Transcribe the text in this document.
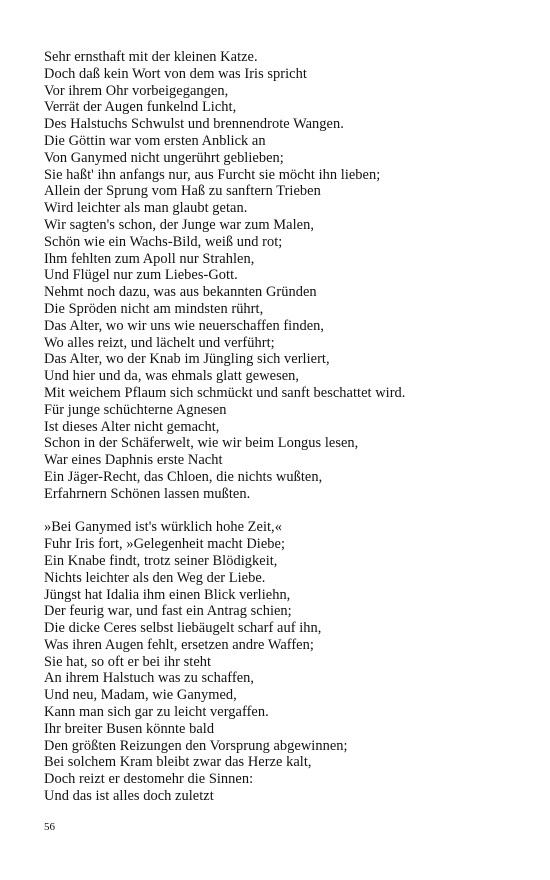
Sehr ernsthaft mit der kleinen Katze.
Doch daß kein Wort von dem was Iris spricht
Vor ihrem Ohr vorbeigegangen,
Verrät der Augen funkelnd Licht,
Des Halstuchs Schwulst und brennendrote Wangen.
Die Göttin war vom ersten Anblick an
Von Ganymed nicht ungerührt geblieben;
Sie haßt' ihn anfangs nur, aus Furcht sie möcht ihn lieben;
Allein der Sprung vom Haß zu sanftern Trieben
Wird leichter als man glaubt getan.
Wir sagten's schon, der Junge war zum Malen,
Schön wie ein Wachs-Bild, weiß und rot;
Ihm fehlten zum Apoll nur Strahlen,
Und Flügel nur zum Liebes-Gott.
Nehmt noch dazu, was aus bekannten Gründen
Die Spröden nicht am mindsten rührt,
Das Alter, wo wir uns wie neuerschaffen finden,
Wo alles reizt, und lächelt und verführt;
Das Alter, wo der Knab im Jüngling sich verliert,
Und hier und da, was ehmals glatt gewesen,
Mit weichem Pflaum sich schmückt und sanft beschattet wird.
Für junge schüchterne Agnesen
Ist dieses Alter nicht gemacht,
Schon in der Schäferwelt, wie wir beim Longus lesen,
War eines Daphnis erste Nacht
Ein Jäger-Recht, das Chloen, die nichts wußten,
Erfahrnern Schönen lassen mußten.
»Bei Ganymed ist's würklich hohe Zeit,«
Fuhr Iris fort, »Gelegenheit macht Diebe;
Ein Knabe findt, trotz seiner Blödigkeit,
Nichts leichter als den Weg der Liebe.
Jüngst hat Idalia ihm einen Blick verliehn,
Der feurig war, und fast ein Antrag schien;
Die dicke Ceres selbst liebäugelt scharf auf ihn,
Was ihren Augen fehlt, ersetzen andre Waffen;
Sie hat, so oft er bei ihr steht
An ihrem Halstuch was zu schaffen,
Und neu, Madam, wie Ganymed,
Kann man sich gar zu leicht vergaffen.
Ihr breiter Busen könnte bald
Den größten Reizungen den Vorsprung abgewinnen;
Bei solchem Kram bleibt zwar das Herze kalt,
Doch reizt er destomehr die Sinnen:
Und das ist alles doch zuletzt
56
